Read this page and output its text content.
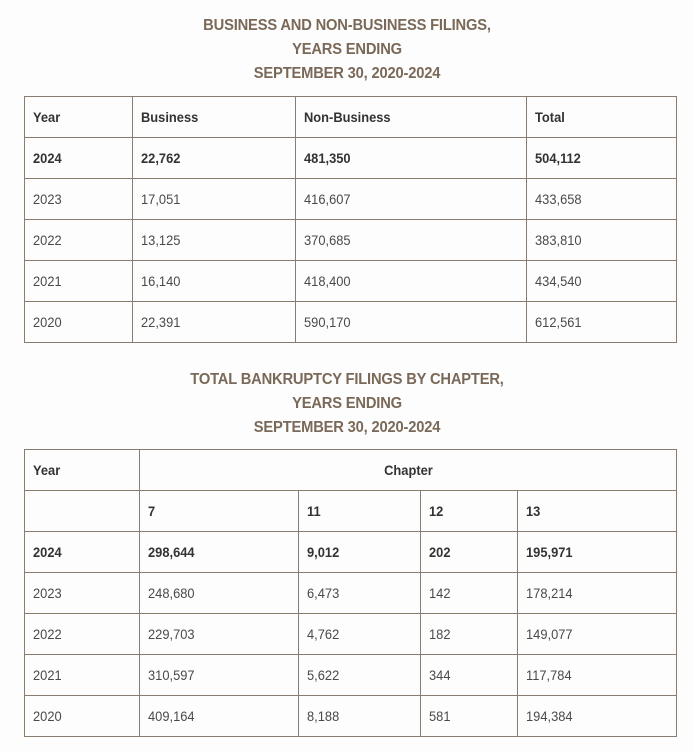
BUSINESS AND NON-BUSINESS FILINGS,
YEARS ENDING
SEPTEMBER 30, 2020-2024
Year	Business	Non-Business	Total
2024	22,762	481,350	504,112
2023	17,051	416,607	433,658
2022	13,125	370,685	383,810
2021	16,140	418,400	434,540
2020	22,391	590,170	612,561
TOTAL BANKRUPTCY FILINGS BY CHAPTER,
YEARS ENDING
SEPTEMBER 30, 2020-2024
Year	Chapter			
	7	11	12	13
2024	298,644	9,012	202	195,971
2023	248,680	6,473	142	178,214
2022	229,703	4,762	182	149,077
2021	310,597	5,622	344	117,784
2020	409,164	8,188	581	194,384
